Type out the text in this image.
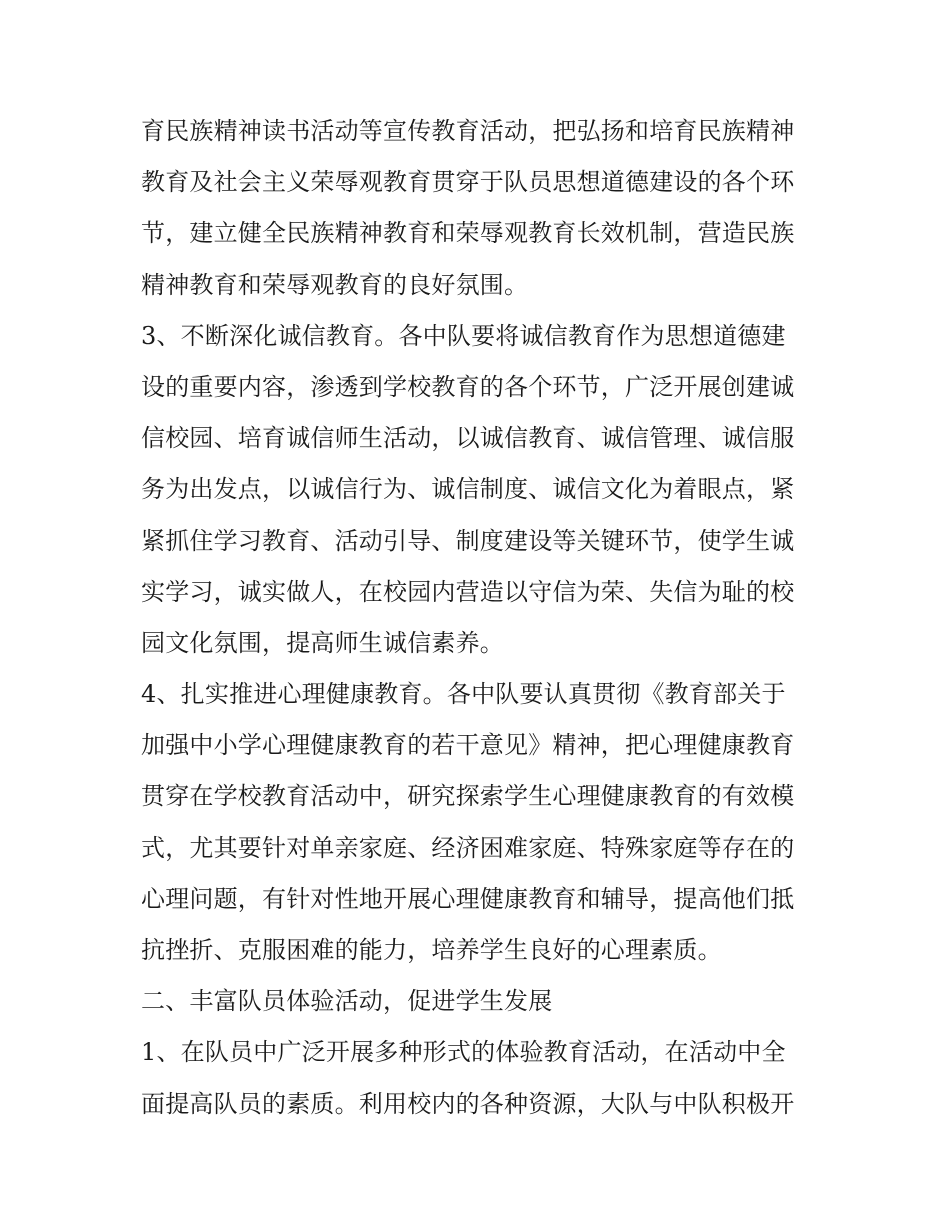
育民族精神读书活动等宣传教育活动，把弘扬和培育民族精神
教育及社会主义荣辱观教育贯穿于队员思想道德建设的各个环
节，建立健全民族精神教育和荣辱观教育长效机制，营造民族
精神教育和荣辱观教育的良好氛围。
3、不断深化诚信教育。各中队要将诚信教育作为思想道德建
设的重要内容，渗透到学校教育的各个环节，广泛开展创建诚
信校园、培育诚信师生活动，以诚信教育、诚信管理、诚信服
务为出发点，以诚信行为、诚信制度、诚信文化为着眼点，紧
紧抓住学习教育、活动引导、制度建设等关键环节，使学生诚
实学习，诚实做人，在校园内营造以守信为荣、失信为耻的校
园文化氛围，提高师生诚信素养。
4、扎实推进心理健康教育。各中队要认真贯彻《教育部关于
加强中小学心理健康教育的若干意见》精神，把心理健康教育
贯穿在学校教育活动中，研究探索学生心理健康教育的有效模
式，尤其要针对单亲家庭、经济困难家庭、特殊家庭等存在的
心理问题，有针对性地开展心理健康教育和辅导，提高他们抵
抗挫折、克服困难的能力，培养学生良好的心理素质。
二、丰富队员体验活动，促进学生发展
1、在队员中广泛开展多种形式的体验教育活动，在活动中全
面提高队员的素质。利用校内的各种资源，大队与中队积极开
